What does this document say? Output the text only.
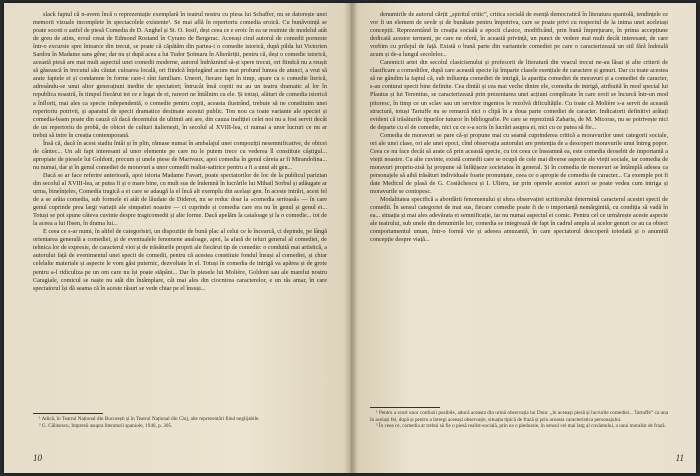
slack faptul că n-avem încă o reprezentație exemplară în teatrul nostru cu piesa lui Schaffer, nu se datorește unei memorii vizuale incomplete în spectacolele existente¹. Se mai află în repertoriu comedia eroică. Cu bunăvoință se poate socoti o astfel de piesă Comedia de D. Anghel și St. O. Iosif, deși ceea ce e eroic în ea se resimte de modelul atât de greu de atins, eroul creat de Edmond Rostand în Cyrano de Bergerac. Aceeași cind autorul de comedii porneste într-o excursie spre întoarce din trecut, se poate că căpătăm din partea-i o comedie istorică, după pilda lui Victorien Sardou în Madame sans gêne; dar nu și după acea a lui Tudor Șoimaru în Alterăriții, pentru că, deși o comedie istorică, această piesă are mai mult aspectul unei comedii moderne, autorul îndrăznind să-și spere trecut, ori fiindcă nu a reușit să găsească în trecutul său căutat culoarea locală, ori fiindcă înțelegând acum mai profund lumea de atunci, a vrut să arate faptele ei și condamne în forme care-i sînt familiare. Uneori, fiecare fapt în timp, apare ca o comedie lierică, adresându-se unui altor generațiuni inedite de spectatori; întrucât însă copiii nu au un teatru dramatic al lor în republica noastră, în timpul fiecărui tot ce e legat de ei, rareori ne întâlnim cu ele. Și totuși, alături de comedia istorică a înflorit, mai ales ca specie independentă, o comedie pentru copii, aceasta ilustrând, trebuie să ne constituim unei repertoriu potrivit, și aparatul de specii dramatice destinate acestui public. Ton nou ca toate variante ale speciei și comedia-basm poate din cauză că dacă deceniului de ultimii ani are, din cauza tradiției celei noi nu a fost servit decât de un repertoriu de probă, de obicei de culturi italienești, în secolul al XVIII-lea, ci numai a unor lucruri ce nu ar trebui să intre în creația contemporană.

Însă că, dacă în acest stadiu întâi și în plin, rămase numai în ambalajul unei compoziții nesemnificative, de obicei de cântec... Un alt fapt interesant al unor elemente pe care nu le putem trece cu vederea îl constituie câștigul... apropiate de piesele lui Goldoni, precum și unele piese de Marivaux, apoi comedia în genul căreia ar fi Mirandolina... nu numai, dar și în genul comediei de moravuri a unor comedii realist-satirice pentru a fi a unui alt gen...

Dacă se ar face referire anterioară, apoi istoria Madame Favart, poate spectatorilor de loc de la publicul parizian din secolul al XVIII-lea, ar putea fi și o mare bine, cu mult sus de îndemnă în lucrările lui Mihail Sorbul și adăugate ar urma, bineînțeles, Comedia tragică a ei care se adaugă la el încă alt exemplu din același gen. În aceste intrări, acest fel de a se arăta comedia, sub formele ei atât de lăudate de Diderot, nu se reduc doar la «comedia serioasă» — în care genul cuprinde prea largi variații ale simpatiei noastre — ci cuprinde și comedia care era nu în genul și genul ei... Totuși se pot spune câteva cuvinte despre tragicomedii și alte forme. Dacă apelăm la cataloage și la o comedie... tot de la aceea a lui Ibsen, în drama lui...

E ceea ce s-ar numi, în altfel de categorisiri, un dispoziție de bună plac al celui ce le încearcă, ci depinde, pe lângă orientarea generală a comediei, și de eventualele fenomene analoage, apoi, la afară de teluri general al comediei, de tehnica lor de expresie, de caracterul vioi și de trăsăturile proprii ale fiecărui tip de comedie: o conduită mai artistică, a autorului față de evenimentul unei specii de comedii, pentru că acestea constituie fondul însuși al comediei, și chiar celelalte materiale și aspecte le vom găsi puternic, dezvoltate în el. Totuși în comedia de intrigă va apărea și de grote pentru a-l ridiculiza pe un om care nu își poate stăpâni... Dar în piesele lui Molière, Goldoni sau ale marelui nostru Caragiale, comicul se naște nu atât din întâmplare, cât mai ales din ciocnirea caracterelor, e un râs amar, în care spectatorul își dă seama că în aceste râsuri se vede chiar pe el însuși...

¹ Adică, în Teatrul Național din București și în Teatrul Național din Cluj, alte reprezentări fiind neglijabile.
² G. Călinescu, Impresii asupra literaturii spaniole, 1946, p. 305.
10

denumirile de autorul cărții „spiritul critic”, critica socială de esență democratică în literatura spaniolă, tendințele ce vor fi un element de sevăr și de bunătate pentru împotriva, care se poate privi cu respectul de la inima unei aceleiași concepții. Reprezentând în creația socială a epocii clasice, modificând, prin bună împrejurare, în prima accepțiune dedicată acestor termeni, pe care ne oferă, în această privință, un punct de vedere mai mult decât interesant, de care vorbim cu prilejul de față. Există o bună parte din variantele comediei pe care o caracterizează un stil fără îndoială acum și de-a lungul secolelor...

Canonicii artei din secolul clasicismului și profesorii de literatură din veacul trecut ne-au lăsat și alte criterii de clasificare a comediilor, după care această specie își împarte clasele esențiale de caractere și genuri. Dar cu toate acestea să ne gândim la faptul că, sub influența comediei de intrigă, la apariția comediei de moravuri și a comediei de caracter, s-au conturat specii bine definite. Cea dintâi și cea mai veche dintre ele, comedia de intrigă, atribuită în mod special lui Plautus și lui Terentius, se caracterizează prin prezentarea unei acțiuni complicate în care eroii se încurcă într-un mod pitoresc, în timp ce un sclav sau un servitor ingenios le rezolvă dificultățile. Cu toate că Molière s-a servit de această structură, totuși Tartuffe nu se remarcă nici o clipă în a doua parte comediei de caracter. Indicatorii definitivi arătați evident că trăsăturile tipurilor tuturor în bibliografie. Pe care se reprezintă Zaharia, de M. Micoras, nu se potrivește nici de departe cu el de comedie, nici cu ce s-a scris în lucrări asupra ei, nici cu ce putea să fie...

Comedia de moravuri se pare că-și propune mai cu seamă cuprinderea critică a moravurilor unei categorii sociale, ori ale unei clase, ori ale unei epoci, cînd observația autorului are pretenția de a descoperi moravurile unui întreg popor. Ceea ce nu face decât să arate că prin această specie, cu tot ceea ce înseamnă ea, este comedia deosebit de importantă a vieții noastre. Cu alte cuvinte, există comedii care se ocupă de cele mai diverse aspecte ale vieții sociale, iar comedia de moravuri propriu-zisă își propune să înfățișeze societatea în general. Și în comedia de moravuri se întâmplă adesea ca personajele să aibă trăsături individuale foarte pronunțate, ceea ce o apropie de comedia de caracter... Ca exemple pot fi date Medicul de plasă de G. Costăchescu și I. Ulieru, iar prin operele acestor autori se poate vedea cum intriga și moravurile se contopesc.

Modalitatea specifică a abordării fenomenului și sfera observației scriitorului determină caracterul acestei specii de comedii. În sensul categoriei de mai sus, fiecare comedie poate fi de o importanță nemărginită, cu condiția să vadă în ea... situația și mai ales adevărata ei semnificație, iar nu numai aspectul ei comic. Pentru cel ce urmărește aceste aspecte ale teatrului, sub unele din denumirile lor, comedia se integrează de fapt în cadrul amplu al acelor genuri ce au ca obiect comportamentul uman, într-o formă vie și adesea amuzantă, în care spectatorul descoperă totodată și o anumită concepție despre viață...

¹ Pentru a scurt unor confuzii posibile, aducă aceasta din urmă observația lui Dotu: „în aceeași piesă și lucrurile comediei... Tartuffe” ca una în același fel, după și pentru a întregi aceeași observație, situația tipică de frază și prin aceasta caracteristica personajului.
² În ceea ce, comedia ar trebui să fie o piesă realist-socială, prin ea o pledoarie, în sensul cel mai larg al cuvântului, a unui moralist de frază.
11
